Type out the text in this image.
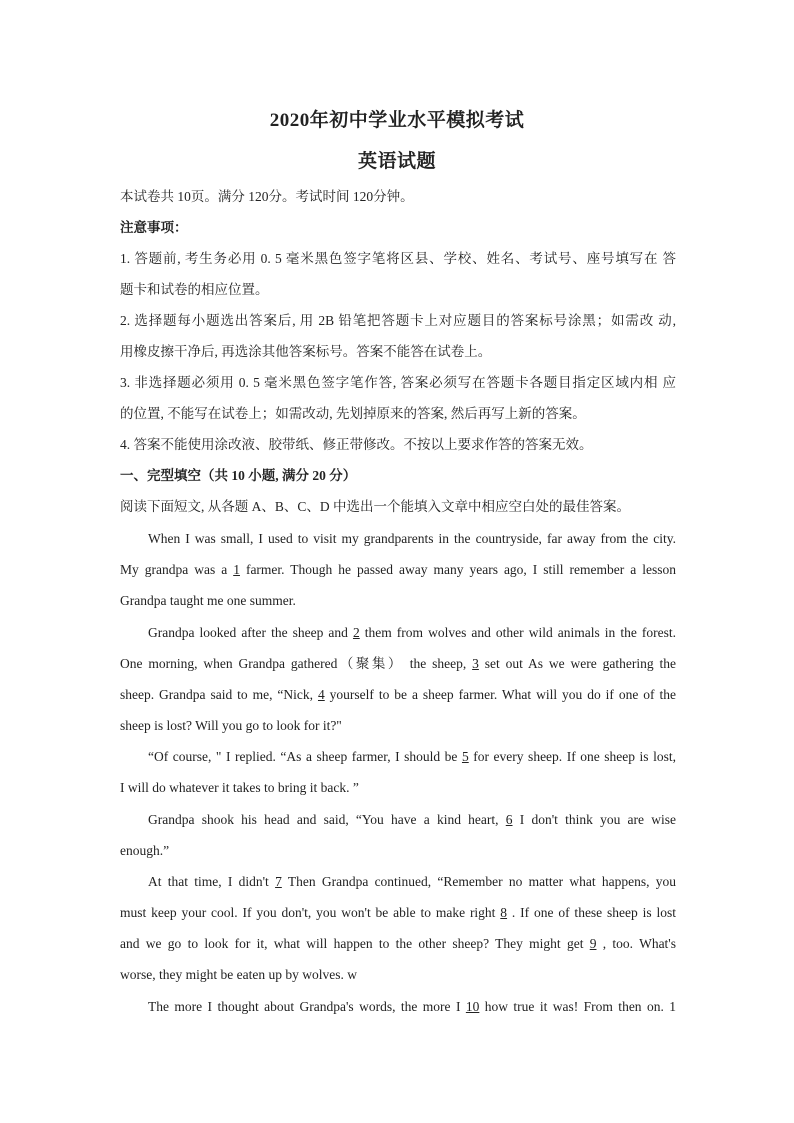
2020年初中学业水平模拟考试
英语试题
本试卷共 10页。满分 120分。考试时间 120分钟。
注意事项：
1. 答题前, 考生务必用 0. 5 毫米黑色签字笔将区县、学校、姓名、考试号、座号填写在 答
题卡和试卷的相应位置。
2. 选择题每小题选出答案后, 用 2B 铅笔把答题卡上对应题目的答案标号涂黑；如需改 动,
用橡皮擦干净后, 再选涂其他答案标号。答案不能答在试卷上。
3. 非选择题必须用 0. 5 毫米黑色签字笔作答, 答案必须写在答题卡各题目指定区域内相 应
的位置, 不能写在试卷上；如需改动, 先划掉原来的答案, 然后再写上新的答案。
4. 答案不能使用涂改液、胶带纸、修正带修改。不按以上要求作答的答案无效。
一、完型填空（共 10 小题, 满分 20 分）
阅读下面短文, 从各题 A、B、C、D 中选出一个能填入文章中相应空白处的最佳答案。
When I was small, I used to visit my grandparents in the countryside, far away from the city.
My grandpa was a 1 farmer. Though he passed away many years ago, I still remember a lesson
Grandpa taught me one summer.
Grandpa looked after the sheep and 2 them from wolves and other wild animals in the forest.
One morning, when Grandpa gathered（聚集） the sheep, 3 set out As we were gathering the
sheep. Grandpa said to me, “Nick, 4 yourself to be a sheep farmer. What will you do if one of the
sheep is lost? Will you go to look for it?"
“Of course, " I replied. “As a sheep farmer, I should be 5 for every sheep. If one sheep is lost,
I will do whatever it takes to bring it back. ”
Grandpa shook his head and said, “You have a kind heart, 6 I don't think you are wise
enough.”
At that time, I didn't 7 Then Grandpa continued, “Remember no matter what happens, you
must keep your cool. If you don't, you won't be able to make right 8 . If one of these sheep is lost
and we go to look for it, what will happen to the other sheep? They might get 9 , too. What's
worse, they might be eaten up by wolves. w
The more I thought about Grandpa's words, the more I 10 how true it was! From then on. 1
